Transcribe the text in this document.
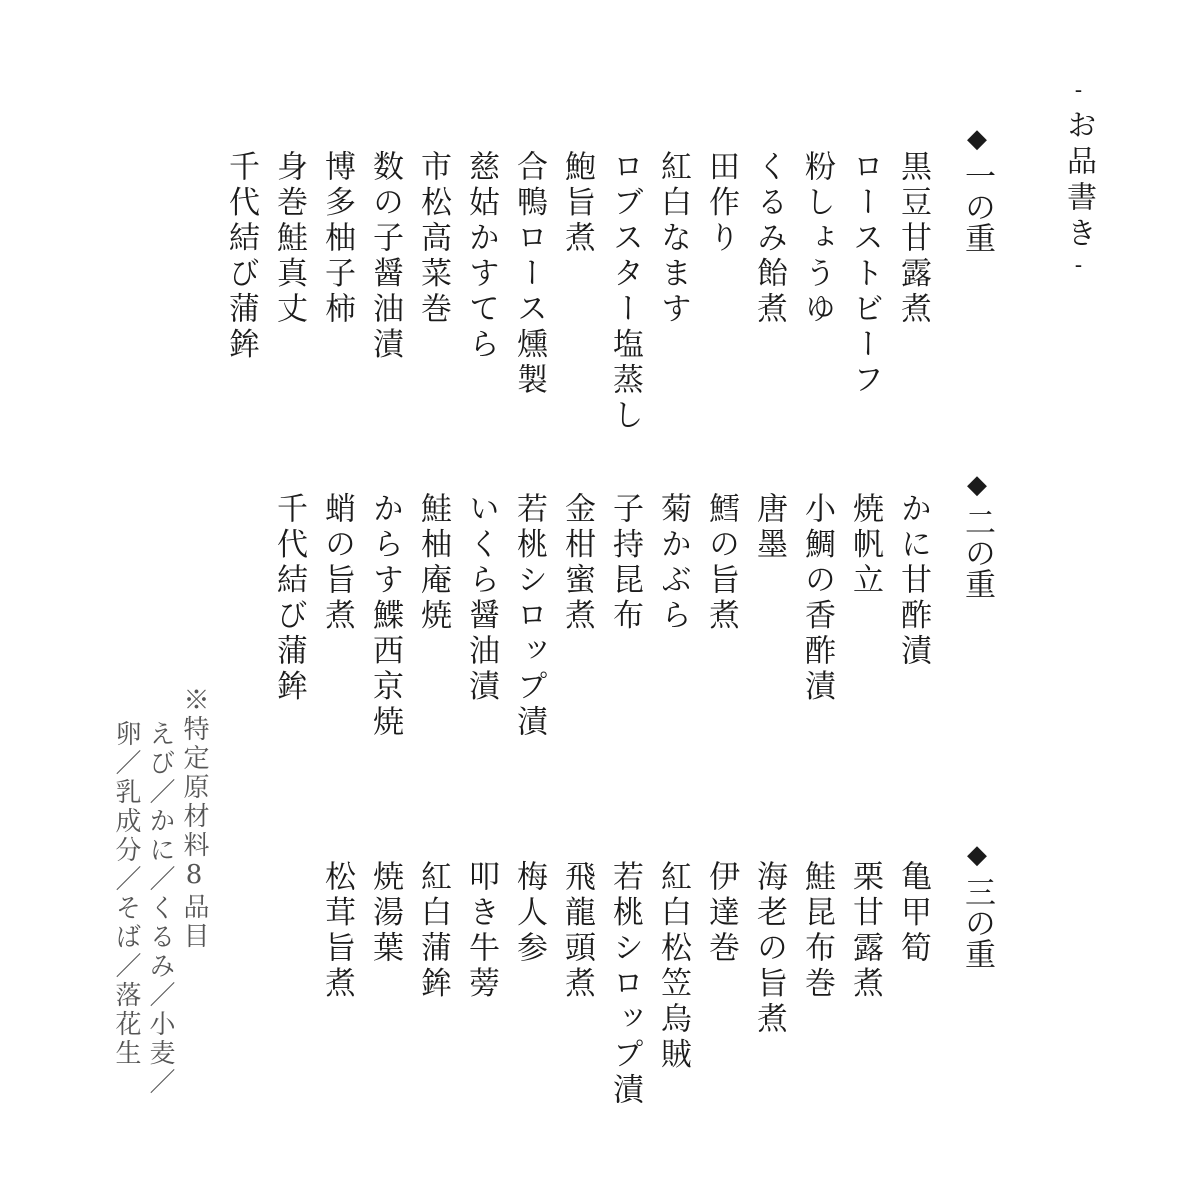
-お品書き-
◆一の重
黒豆甘露煮
ローストビーフ
粉しょうゆ
くるみ飴煮
田作り
紅白なます
ロブスター塩蒸し
鮑旨煮
合鴨ロース燻製
慈姑かすてら
市松高菜巻
数の子醤油漬
博多柚子柿
身巻鮭真丈
千代結び蒲鉾
◆二の重
かに甘酢漬
焼帆立
小鯛の香酢漬
唐墨
鱈の旨煮
菊かぶら
子持昆布
金柑蜜煮
若桃シロップ漬
いくら醤油漬
鮭柚庵焼
からす鰈西京焼
蛸の旨煮
千代結び蒲鉾
◆三の重
亀甲筍
栗甘露煮
鮭昆布巻
海老の旨煮
伊達巻
紅白松笠烏賊
若桃シロップ漬
飛龍頭煮
梅人参
叩き牛蒡
紅白蒲鉾
焼湯葉
松茸旨煮
※特定原材料8品目
えび／かに／くるみ／小麦／
卵／乳成分／そば／落花生
